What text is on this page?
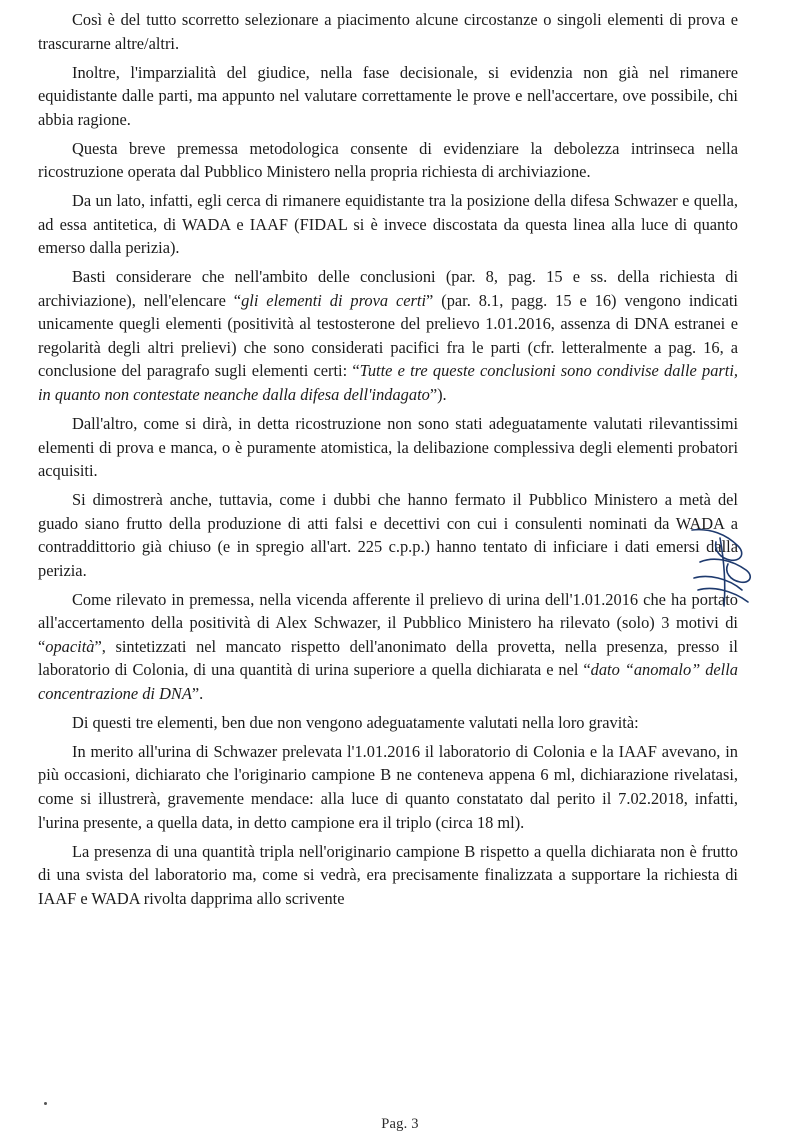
Così è del tutto scorretto selezionare a piacimento alcune circostanze o singoli elementi di prova e trascurarne altre/altri.

Inoltre, l'imparzialità del giudice, nella fase decisionale, si evidenzia non già nel rimanere equidistante dalle parti, ma appunto nel valutare correttamente le prove e nell'accertare, ove possibile, chi abbia ragione.

Questa breve premessa metodologica consente di evidenziare la debolezza intrinseca nella ricostruzione operata dal Pubblico Ministero nella propria richiesta di archiviazione.

Da un lato, infatti, egli cerca di rimanere equidistante tra la posizione della difesa Schwazer e quella, ad essa antitetica, di WADA e IAAF (FIDAL si è invece discostata da questa linea alla luce di quanto emerso dalla perizia).

Basti considerare che nell'ambito delle conclusioni (par. 8, pag. 15 e ss. della richiesta di archiviazione), nell'elencare “gli elementi di prova certi” (par. 8.1, pagg. 15 e 16) vengono indicati unicamente quegli elementi (positività al testosterone del prelievo 1.01.2016, assenza di DNA estranei e regolarità degli altri prelievi) che sono considerati pacifici fra le parti (cfr. letteralmente a pag. 16, a conclusione del paragrafo sugli elementi certi: “Tutte e tre queste conclusioni sono condivise dalle parti, in quanto non contestate neanche dalla difesa dell'indagato”).

Dall'altro, come si dirà, in detta ricostruzione non sono stati adeguatamente valutati rilevantissimi elementi di prova e manca, o è puramente atomistica, la delibazione complessiva degli elementi probatori acquisiti.

Si dimostrerà anche, tuttavia, come i dubbi che hanno fermato il Pubblico Ministero a metà del guado siano frutto della produzione di atti falsi e decettivi con cui i consulenti nominati da WADA a contraddittorio già chiuso (e in spregio all'art. 225 c.p.p.) hanno tentato di inficiare i dati emersi dalla perizia.

Come rilevato in premessa, nella vicenda afferente il prelievo di urina dell'1.01.2016 che ha portato all'accertamento della positività di Alex Schwazer, il Pubblico Ministero ha rilevato (solo) 3 motivi di “opacità”, sintetizzati nel mancato rispetto dell'anonimato della provetta, nella presenza, presso il laboratorio di Colonia, di una quantità di urina superiore a quella dichiarata e nel “dato “anomalo” della concentrazione di DNA”.

Di questi tre elementi, ben due non vengono adeguatamente valutati nella loro gravità:

In merito all'urina di Schwazer prelevata l'1.01.2016 il laboratorio di Colonia e la IAAF avevano, in più occasioni, dichiarato che l'originario campione B ne conteneva appena 6 ml, dichiarazione rivelatasi, come si illustrerà, gravemente mendace: alla luce di quanto constatato dal perito il 7.02.2018, infatti, l'urina presente, a quella data, in detto campione era il triplo (circa 18 ml).

La presenza di una quantità tripla nell'originario campione B rispetto a quella dichiarata non è frutto di una svista del laboratorio ma, come si vedrà, era precisamente finalizzata a supportare la richiesta di IAAF e WADA rivolta dapprima allo scrivente

Pag. 3
